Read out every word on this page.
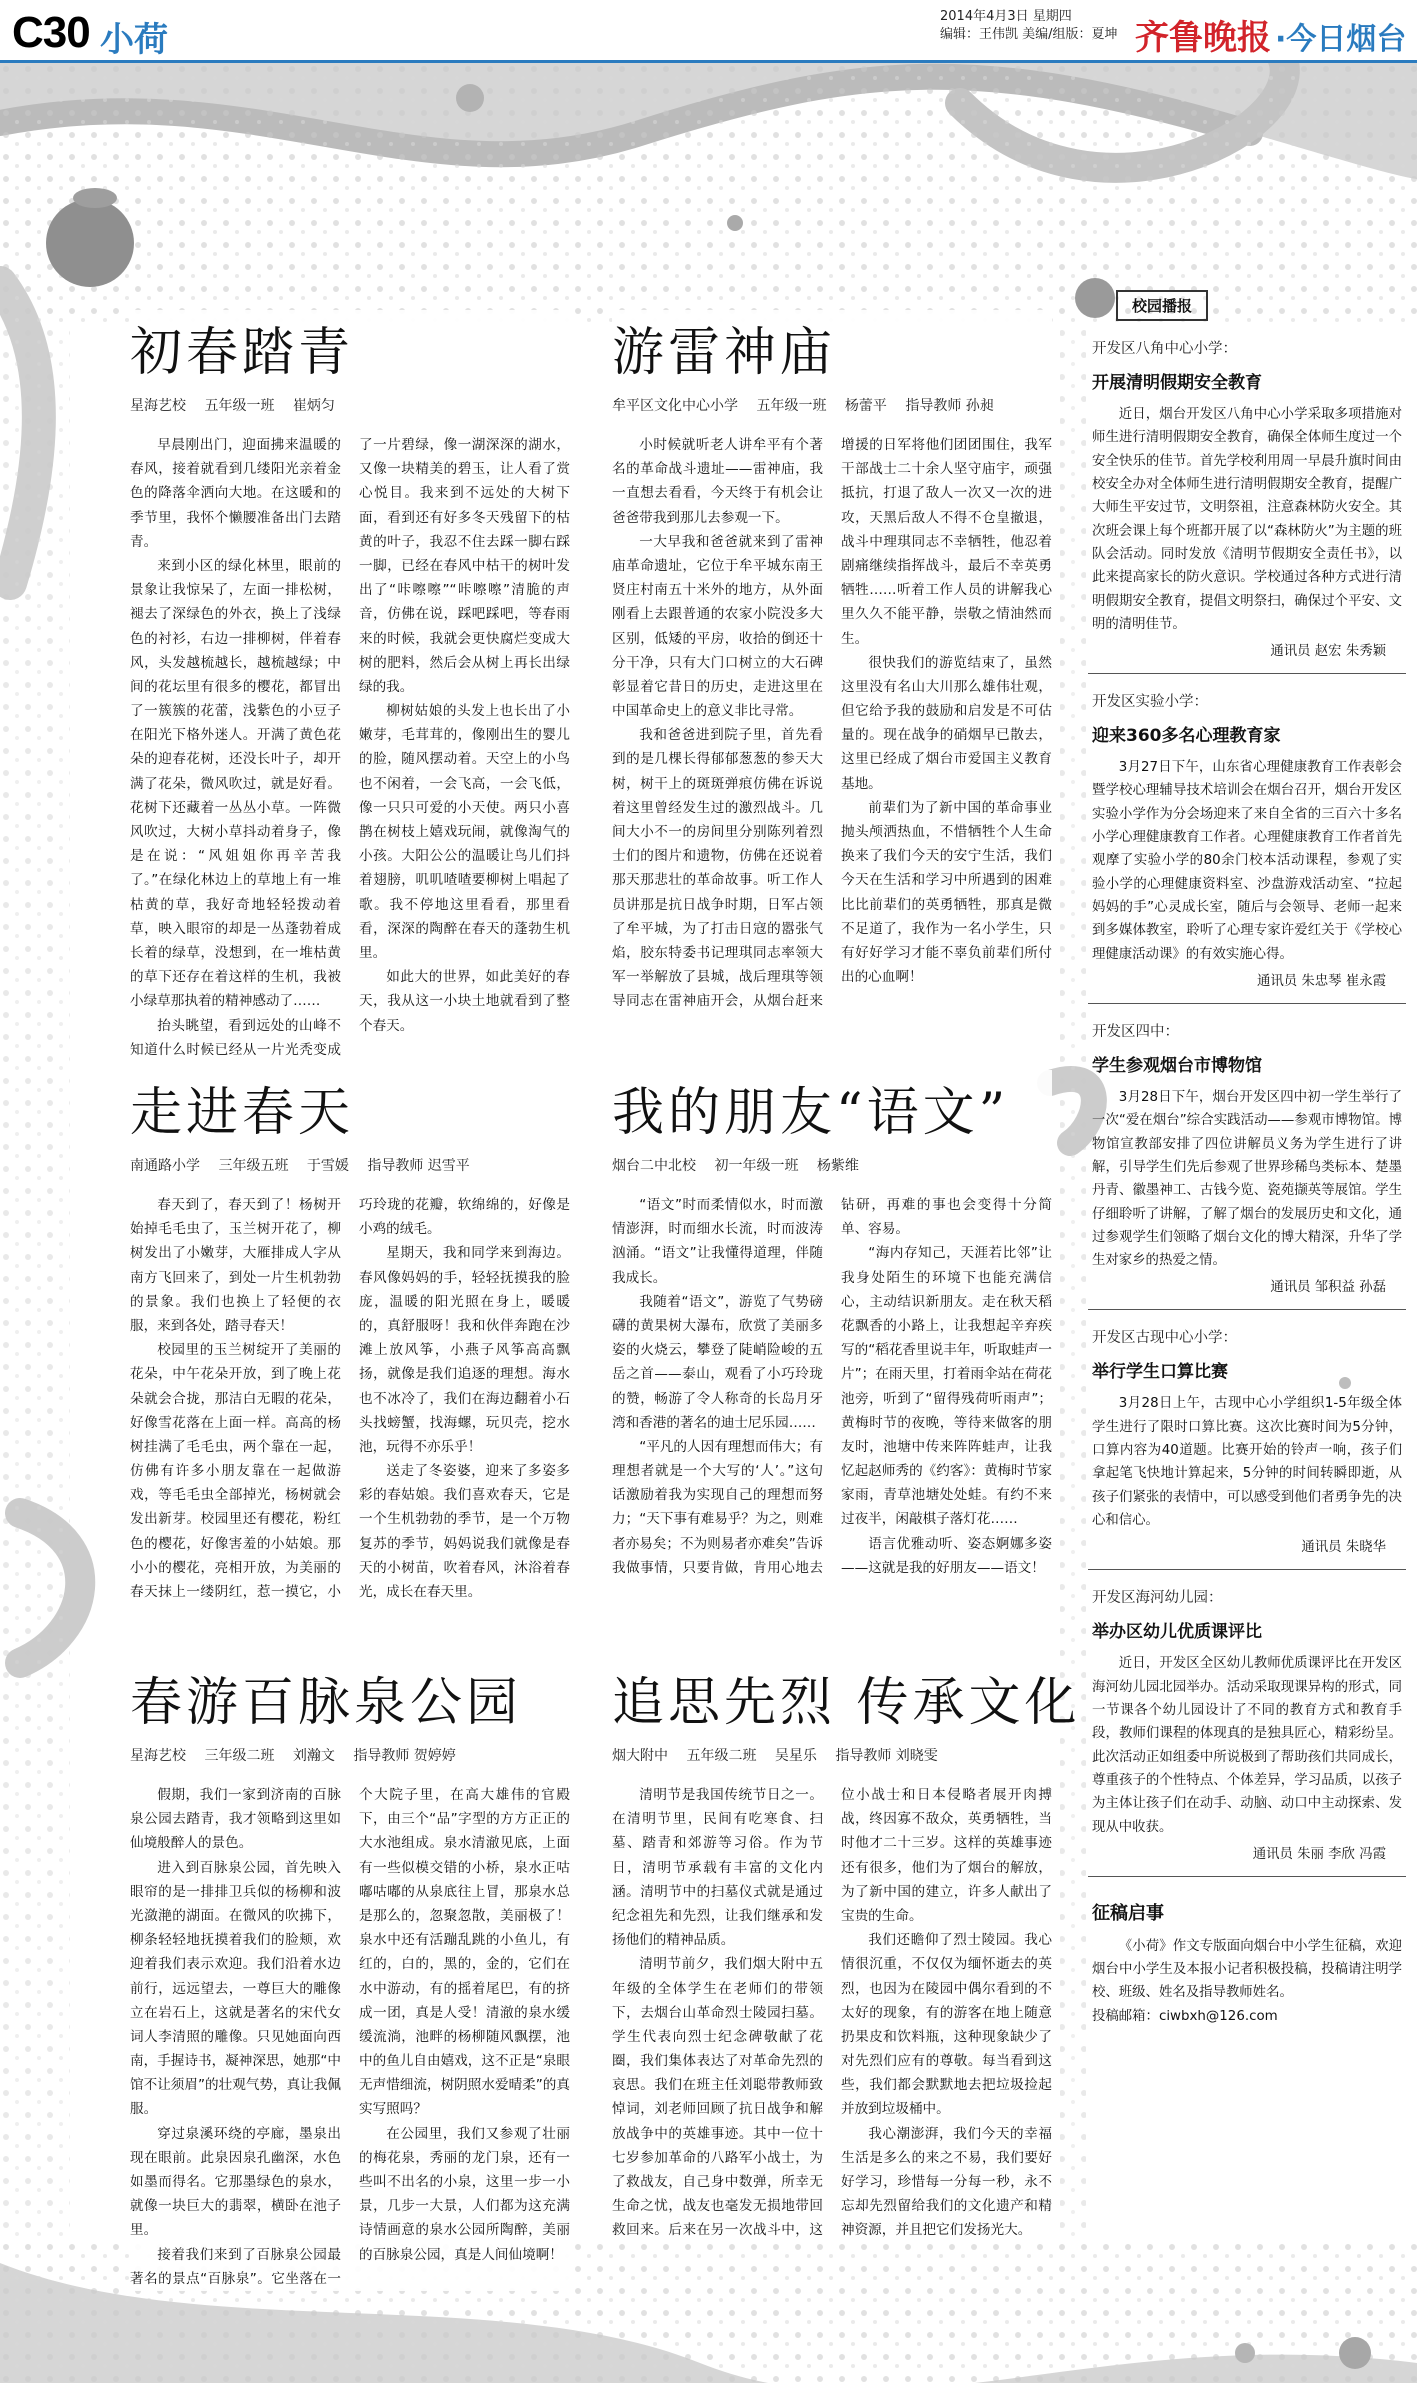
C30 小荷
2014年4月3日 星期四
编辑：王伟凯 美编/组版：夏坤 齐鲁晚报 ·今日烟台
初春踏青
星海艺校 五年级一班 崔炳匀

早晨刚出门，迎面拂来温暖的春风，接着就看到几缕阳光亲着金色的降落伞洒向大地。在这暖和的季节里，我怀个懒腰准备出门去踏青。

来到小区的绿化林里，眼前的景象让我惊呆了，左面一排松树，褪去了深绿色的外衣，换上了浅绿色的衬衫，右边一排柳树，伴着春风，头发越梳越长，越梳越绿；中间的花坛里有很多的樱花，都冒出了一簇簇的花蕾，浅紫色的小豆子在阳光下格外迷人。开满了黄色花朵的迎春花树，还没长叶子，却开满了花朵，微风吹过，就是好看。花树下还藏着一丛丛小草。一阵微风吹过，大树小草抖动着身子，像是在说：“风姐姐你再辛苦我了。”在绿化林边上的草地上有一堆枯黄的草，我好奇地轻轻拨动着草，映入眼帘的却是一丛蓬勃着成长着的绿草，没想到，在一堆枯黄的草下还存在着这样的生机，我被小绿草那执着的精神感动了……

抬头眺望，看到远处的山峰不知道什么时候已经从一片光秃变成了一片碧绿，像一湖深深的湖水，又像一块精美的碧玉，让人看了赏心悦目。我来到不远处的大树下面，看到还有好多冬天残留下的枯黄的叶子，我忍不住去踩一脚右踩一脚，已经在春风中枯干的树叶发出了“咔嚓嚓”“咔嚓嚓”清脆的声音，仿佛在说，踩吧踩吧，等春雨来的时候，我就会更快腐烂变成大树的肥料，然后会从树上再长出绿绿的我。

柳树姑娘的头发上也长出了小嫩芽，毛茸茸的，像刚出生的婴儿的脸，随风摆动着。天空上的小鸟也不闲着，一会飞高，一会飞低，像一只只可爱的小天使。两只小喜鹊在树枝上嬉戏玩闹，就像淘气的小孩。大阳公公的温暖让鸟儿们抖着翅膀，叽叽喳喳要柳树上唱起了歌。我不停地这里看看，那里看看，深深的陶醉在春天的蓬勃生机里。

如此大的世界，如此美好的春天，我从这一小块土地就看到了整个春天。

游雷神庙
牟平区文化中心小学 五年级一班 杨蕾平 指导教师 孙昶

小时候就听老人讲牟平有个著名的革命战斗遗址——雷神庙，我一直想去看看，今天终于有机会让爸爸带我到那儿去参观一下。

一大早我和爸爸就来到了雷神庙革命遗址，它位于牟平城东南王贤庄村南五十米外的地方，从外面刚看上去跟普通的农家小院没多大区别，低矮的平房，收拾的倒还十分干净，只有大门口树立的大石碑彰显着它昔日的历史，走进这里在中国革命史上的意义非比寻常。

我和爸爸进到院子里，首先看到的是几棵长得郁郁葱葱的参天大树，树干上的斑斑弹痕仿佛在诉说着这里曾经发生过的激烈战斗。几间大小不一的房间里分别陈列着烈士们的图片和遗物，仿佛在还说着那天那悲壮的革命故事。听工作人员讲那是抗日战争时期，日军占领了牟平城，为了打击日寇的嚣张气焰，胶东特委书记理琪同志率领大军一举解放了县城，战后理琪等领导同志在雷神庙开会，从烟台赶来增援的日军将他们团团围住，我军干部战士二十余人坚守庙宇，顽强抵抗，打退了敌人一次又一次的进攻，天黑后敌人不得不仓皇撤退，战斗中理琪同志不幸牺牲，他忍着剧痛继续指挥战斗，最后不幸英勇牺牲……听着工作人员的讲解我心里久久不能平静，崇敬之情油然而生。

很快我们的游览结束了，虽然这里没有名山大川那么雄伟壮观，但它给予我的鼓励和启发是不可估量的。现在战争的硝烟早已散去，这里已经成了烟台市爱国主义教育基地。

前辈们为了新中国的革命事业抛头颅洒热血，不惜牺牲个人生命换来了我们今天的安宁生活，我们今天在生活和学习中所遇到的困难比比前辈们的英勇牺牲，那真是微不足道了，我作为一名小学生，只有好好学习才能不辜负前辈们所付出的心血啊！

走进春天
南通路小学 三年级五班 于雪媛 指导教师 迟雪平

春天到了，春天到了！杨树开始掉毛毛虫了，玉兰树开花了，柳树发出了小嫩芽，大雁排成人字从南方飞回来了，到处一片生机勃勃的景象。我们也换上了轻便的衣服，来到各处，踏寻春天！

校园里的玉兰树绽开了美丽的花朵，中午花朵开放，到了晚上花朵就会合拢，那洁白无暇的花朵，好像雪花落在上面一样。高高的杨树挂满了毛毛虫，两个靠在一起，仿佛有许多小朋友靠在一起做游戏，等毛毛虫全部掉光，杨树就会发出新芽。校园里还有樱花，粉红色的樱花，好像害羞的小姑娘。那小小的樱花，亮相开放，为美丽的春天抹上一缕阴红，惹一摸它，小巧玲珑的花瓣，软绵绵的，好像是小鸡的绒毛。

星期天，我和同学来到海边。春风像妈妈的手，轻轻抚摸我的脸庞，温暖的阳光照在身上，暖暖的，真舒服呀！我和伙伴奔跑在沙滩上放风筝，小燕子风筝高高飘扬，就像是我们追逐的理想。海水也不冰冷了，我们在海边翻着小石头找螃蟹，找海螺，玩贝壳，挖水池，玩得不亦乐乎！

送走了冬姿婆，迎来了多姿多彩的春姑娘。我们喜欢春天，它是一个生机勃勃的季节，是一个万物复苏的季节，妈妈说我们就像是春天的小树苗，吹着春风，沐浴着春光，成长在春天里。

我的朋友“语文”
烟台二中北校 初一年级一班 杨紫维

“语文”时而柔情似水，时而激情澎湃，时而细水长流，时而波涛汹涌。“语文”让我懂得道理，伴随我成长。

我随着“语文”，游览了气势磅礴的黄果树大瀑布，欣赏了美丽多姿的火烧云，攀登了陡峭险峻的五岳之首——泰山，观看了小巧玲珑的赞，畅游了令人称奇的长岛月牙湾和香港的著名的迪士尼乐园……

“平凡的人因有理想而伟大；有理想者就是一个大写的‘人’。”这句话激励着我为实现自己的理想而努力；“天下事有难易乎？为之，则难者亦易矣；不为则易者亦难矣”告诉我做事情，只要肯做，肯用心地去钻研，再难的事也会变得十分简单、容易。

“海内存知己，天涯若比邻”让我身处陌生的环境下也能充满信心，主动结识新朋友。走在秋天稻花飘香的小路上，让我想起辛弃疾写的“稻花香里说丰年，听取蛙声一片”；在雨天里，打着雨伞站在荷花池旁，听到了“留得残荷听雨声”；黄梅时节的夜晚，等待来做客的朋友时，池塘中传来阵阵蛙声，让我忆起赵师秀的《约客》：黄梅时节家家雨，青草池塘处处蛙。有约不来过夜半，闲敲棋子落灯花……

语言优雅动听、姿态婀娜多姿——这就是我的好朋友——语文！

春游百脉泉公园
星海艺校 三年级二班 刘瀚文 指导教师 贺婷婷

假期，我们一家到济南的百脉泉公园去踏青，我才领略到这里如仙境般醉人的景色。

进入到百脉泉公园，首先映入眼帘的是一排排卫兵似的杨柳和波光潋滟的湖面。在微风的吹拂下，柳条轻轻地抚摸着我们的脸颊，欢迎着我们表示欢迎。我们沿着水边前行，远远望去，一尊巨大的雕像立在岩石上，这就是著名的宋代女词人李清照的雕像。只见她面向西南，手握诗书，凝神深思，她那“中馆不让须眉”的壮观气势，真让我佩服。

穿过泉溪环绕的亭廊，墨泉出现在眼前。此泉因泉孔幽深，水色如墨而得名。它那墨绿色的泉水，就像一块巨大的翡翠，横卧在池子里。

接着我们来到了百脉泉公园最著名的景点“百脉泉”。它坐落在一个大院子里，在高大雄伟的官殿下，由三个“品”字型的方方正正的大水池组成。泉水清澈见底，上面有一些似模交错的小桥，泉水正咕嘟咕嘟的从泉底往上冒，那泉水总是那么的，忽聚忽散，美丽极了！泉水中还有活蹦乱跳的小鱼儿，有红的，白的，黑的，金的，它们在水中游动，有的摇着尾巴，有的挤成一团，真是人受！清澈的泉水缓缓流淌，池畔的杨柳随风飘摆，池中的鱼儿自由嬉戏，这不正是“泉眼无声惜细流，树阴照水爱晴柔”的真实写照吗？

在公园里，我们又参观了壮丽的梅花泉，秀丽的龙门泉，还有一些叫不出名的小泉，这里一步一小景，几步一大景，人们都为这充满诗情画意的泉水公园所陶醉，美丽的百脉泉公园，真是人间仙境啊！

追思先烈 传承文化
烟大附中 五年级二班 吴星乐 指导教师 刘晓雯

清明节是我国传统节日之一。在清明节里，民间有吃寒食、扫墓、踏青和郊游等习俗。作为节日，清明节承载有丰富的文化内涵。清明节中的扫墓仪式就是通过纪念祖先和先烈，让我们继承和发扬他们的精神品质。

清明节前夕，我们烟大附中五年级的全体学生在老师们的带领下，去烟台山革命烈士陵园扫墓。学生代表向烈士纪念碑敬献了花圈，我们集体表达了对革命先烈的哀思。我们在班主任刘聪带教师致悼词，刘老师回顾了抗日战争和解放战争中的英雄事迹。其中一位十七岁参加革命的八路军小战士，为了救战友，自己身中数弹，所幸无生命之忧，战友也毫发无损地带回救回来。后来在另一次战斗中，这位小战士和日本侵略者展开肉搏战，终因寡不敌众，英勇牺牲，当时他才二十三岁。这样的英雄事迹还有很多，他们为了烟台的解放，为了新中国的建立，许多人献出了宝贵的生命。

我们还瞻仰了烈士陵园。我心情很沉重，不仅仅为缅怀逝去的英烈，也因为在陵园中偶尔看到的不太好的现象，有的游客在地上随意扔果皮和饮料瓶，这种现象缺少了对先烈们应有的尊敬。每当看到这些，我们都会默默地去把垃圾捡起并放到垃圾桶中。

我心潮澎湃，我们今天的幸福生活是多么的来之不易，我们要好好学习，珍惜每一分每一秒，永不忘却先烈留给我们的文化遗产和精神资源，并且把它们发扬光大。

校园播报
开发区八角中心小学：
开展清明假期安全教育
近日，烟台开发区八角中心小学采取多项措施对师生进行清明假期安全教育，确保全体师生度过一个安全快乐的佳节。首先学校利用周一早晨升旗时间由校安全办对全体师生进行清明假期安全教育，提醒广大师生平安过节，文明祭祖，注意森林防火安全。其次班会课上每个班都开展了以“森林防火”为主题的班队会活动。同时发放《清明节假期安全责任书》，以此来提高家长的防火意识。学校通过各种方式进行清明假期安全教育，提倡文明祭扫，确保过个平安、文明的清明佳节。
通讯员 赵宏 朱秀颖
开发区实验小学：
迎来360多名心理教育家
3月27日下午，山东省心理健康教育工作表彰会暨学校心理辅导技术培训会在烟台召开，烟台开发区实验小学作为分会场迎来了来自全省的三百六十多名小学心理健康教育工作者。心理健康教育工作者首先观摩了实验小学的80余门校本活动课程，参观了实验小学的心理健康资料室、沙盘游戏活动室、“拉起妈妈的手”心灵成长室，随后与会领导、老师一起来到多媒体教室，聆听了心理专家许爱红关于《学校心理健康活动课》的有效实施心得。
通讯员 朱忠琴 崔永霞
开发区四中：
学生参观烟台市博物馆
3月28日下午，烟台开发区四中初一学生举行了一次“爱在烟台”综合实践活动——参观市博物馆。博物馆宣教部安排了四位讲解员义务为学生进行了讲解，引导学生们先后参观了世界珍稀鸟类标本、楚墨丹青、徽墨神工、古钱今览、瓷苑撷英等展馆。学生仔细聆听了讲解，了解了烟台的发展历史和文化，通过参观学生们领略了烟台文化的博大精深，升华了学生对家乡的热爱之情。
通讯员 邹积益 孙磊
开发区古现中心小学：
举行学生口算比赛
3月28日上午，古现中心小学组织1-5年级全体学生进行了限时口算比赛。这次比赛时间为5分钟，口算内容为40道题。比赛开始的铃声一响，孩子们拿起笔飞快地计算起来，5分钟的时间转瞬即逝，从孩子们紧张的表情中，可以感受到他们者勇争先的决心和信心。
通讯员 朱晓华
开发区海河幼儿园：
举办区幼儿优质课评比
近日，开发区全区幼儿教师优质课评比在开发区海河幼儿园北园举办。活动采取现课异构的形式，同一节课各个幼儿园设计了不同的教育方式和教育手段，教师们课程的体现真的是独具匠心，精彩纷呈。此次活动正如组委中所说极到了帮助孩们共同成长，尊重孩子的个性特点、个体差异，学习品质，以孩子为主体让孩子们在动手、动脑、动口中主动探索、发现从中收获。
通讯员 朱丽 李欣 冯霞
征稿启事
《小荷》作文专版面向烟台中小学生征稿，欢迎烟台中小学生及本报小记者积极投稿，投稿请注明学校、班级、姓名及指导教师姓名。
投稿邮箱：ciwbxh@126.com
